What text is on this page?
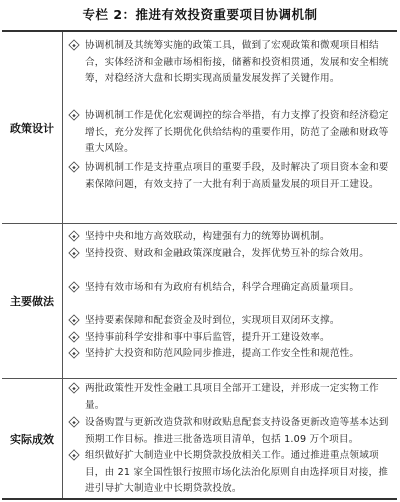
专栏 2：推进有效投资重要项目协调机制
政策设计
协调机制及其统筹实施的政策工具，做到了宏观政策和微观项目相结合，实体经济和金融市场相衔接，储蓄和投资相贯通，发展和安全相统筹，对稳经济大盘和长期实现高质量发展发挥了关键作用。
协调机制工作是优化宏观调控的综合举措，有力支撑了投资和经济稳定增长，充分发挥了长期优化供给结构的重要作用，防范了金融和财政等重大风险。
协调机制工作是支持重点项目的重要手段，及时解决了项目资本金和要素保障问题，有效支持了一大批有利于高质量发展的项目开工建设。
主要做法
坚持中央和地方高效联动，构建强有力的统筹协调机制。
坚持投资、财政和金融政策深度融合，发挥优势互补的综合效用。
坚持有效市场和有为政府有机结合，科学合理确定高质量项目。
坚持要素保障和配套资金及时到位，实现项目双闭环支撑。
坚持事前科学安排和事中事后监管，提升开工建设效率。
坚持扩大投资和防范风险同步推进，提高工作安全性和规范性。
实际成效
两批政策性开发性金融工具项目全部开工建设，并形成一定实物工作量。
设备购置与更新改造贷款和财政贴息配套支持设备更新改造等基本达到预期工作目标。推进三批备选项目清单，包括 1.09 万个项目。
组织做好扩大制造业中长期贷款投放相关工作。通过推进重点领域项目，由 21 家全国性银行按照市场化法治化原则自由选择项目对接，推进引导扩大制造业中长期贷款投放。
